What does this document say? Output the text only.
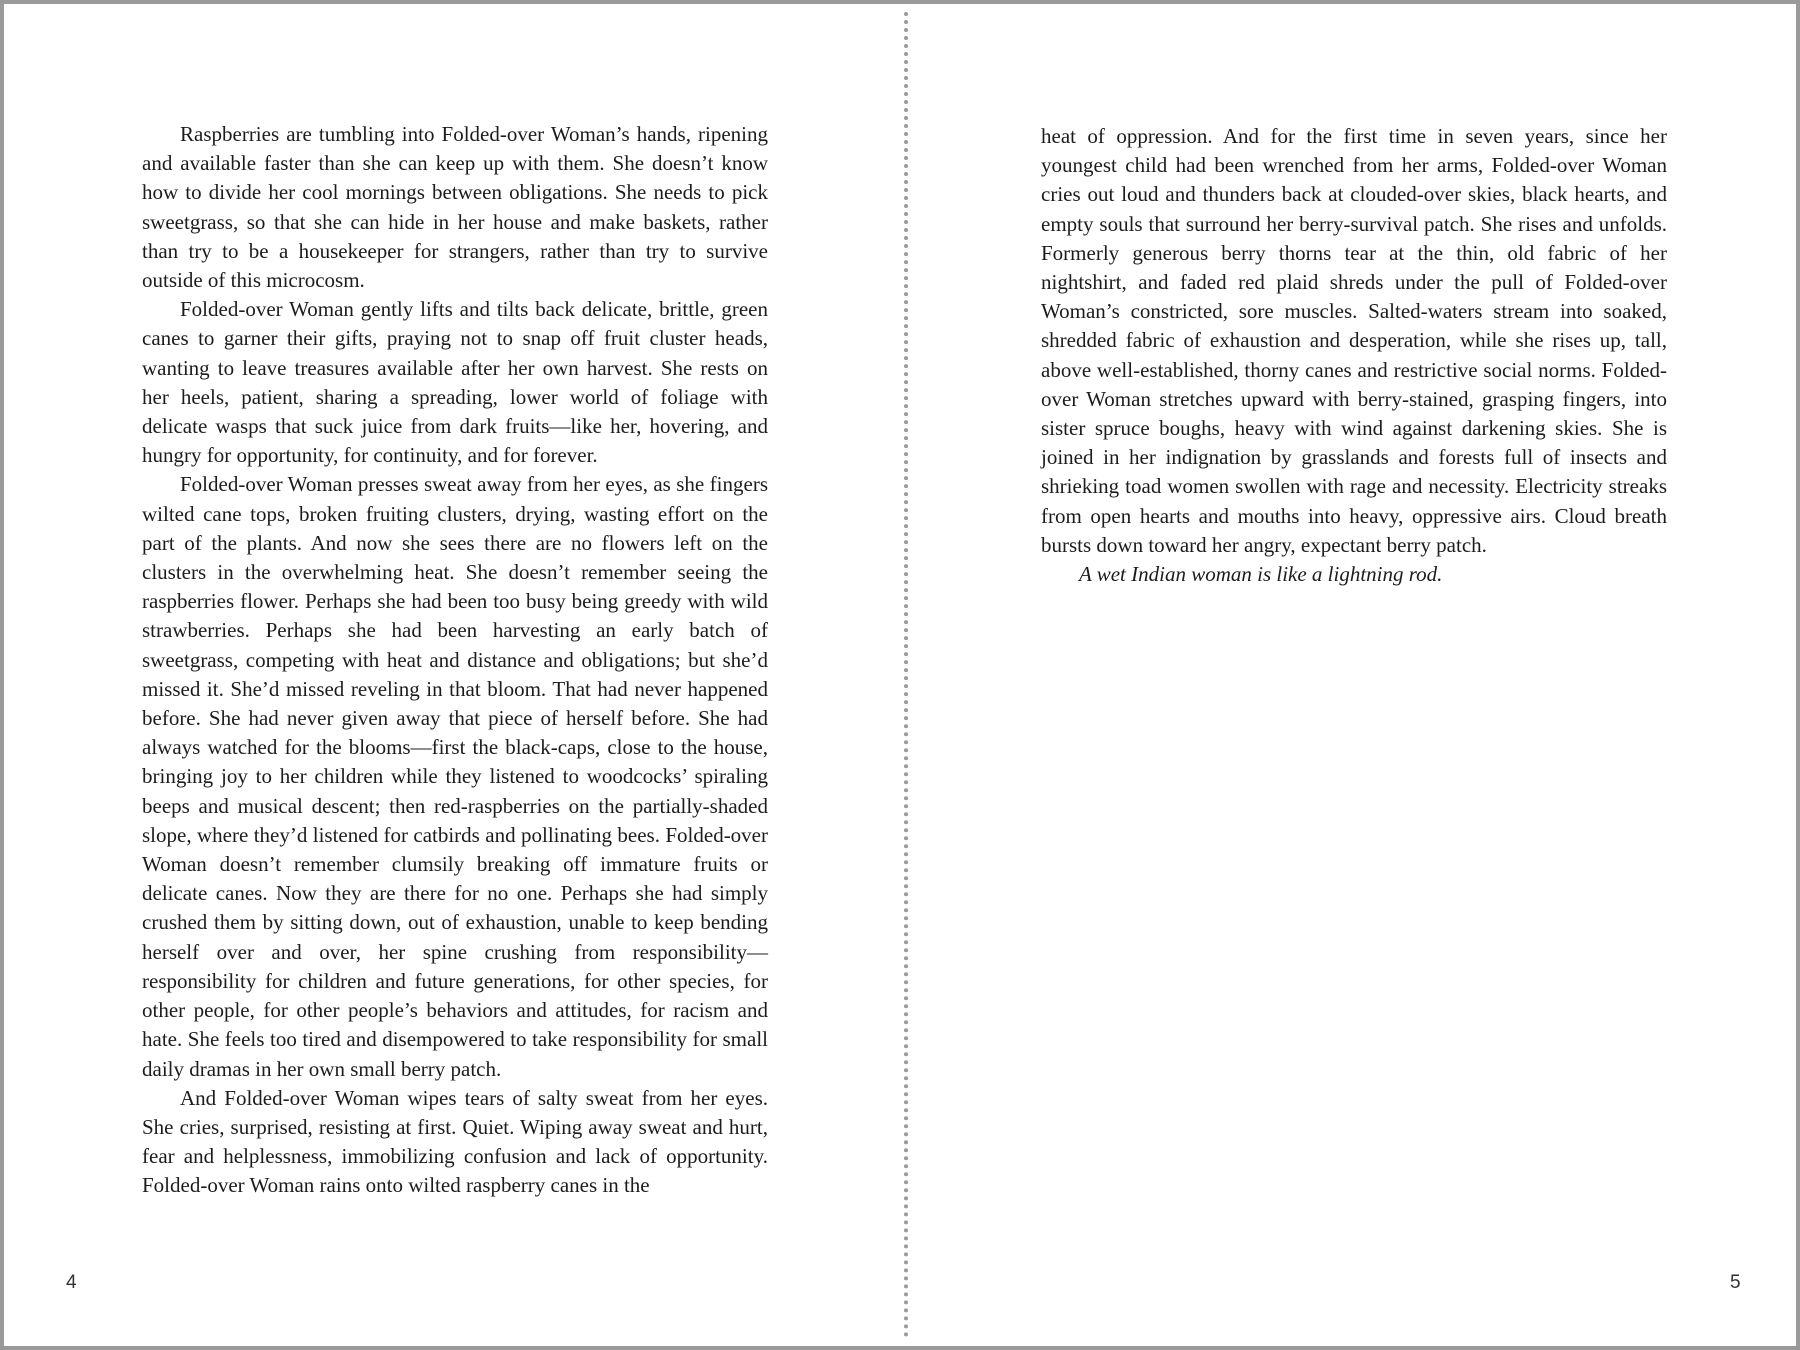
Raspberries are tumbling into Folded-over Woman’s hands, ripening and available faster than she can keep up with them. She doesn’t know how to divide her cool mornings between obligations. She needs to pick sweetgrass, so that she can hide in her house and make baskets, rather than try to be a housekeeper for strangers, rather than try to survive outside of this microcosm.

Folded-over Woman gently lifts and tilts back delicate, brittle, green canes to garner their gifts, praying not to snap off fruit cluster heads, wanting to leave treasures available after her own harvest. She rests on her heels, patient, sharing a spreading, lower world of foliage with delicate wasps that suck juice from dark fruits—like her, hovering, and hungry for opportunity, for continuity, and for forever.

Folded-over Woman presses sweat away from her eyes, as she fingers wilted cane tops, broken fruiting clusters, drying, wasting effort on the part of the plants. And now she sees there are no flowers left on the clusters in the overwhelming heat. She doesn’t remember seeing the raspberries flower. Perhaps she had been too busy being greedy with wild strawberries. Perhaps she had been harvesting an early batch of sweetgrass, competing with heat and distance and obligations; but she’d missed it. She’d missed reveling in that bloom. That had never happened before. She had never given away that piece of herself before. She had always watched for the blooms—first the black-caps, close to the house, bringing joy to her children while they listened to woodcocks’ spiraling beeps and musical descent; then red-raspberries on the partially-shaded slope, where they’d listened for catbirds and pollinating bees. Folded-over Woman doesn’t remember clumsily breaking off immature fruits or delicate canes. Now they are there for no one. Perhaps she had simply crushed them by sitting down, out of exhaustion, unable to keep bending herself over and over, her spine crushing from responsibility—responsibility for children and future generations, for other species, for other people, for other people’s behaviors and attitudes, for racism and hate. She feels too tired and disempowered to take responsibility for small daily dramas in her own small berry patch.

And Folded-over Woman wipes tears of salty sweat from her eyes. She cries, surprised, resisting at first. Quiet. Wiping away sweat and hurt, fear and helplessness, immobilizing confusion and lack of opportunity. Folded-over Woman rains onto wilted raspberry canes in the

heat of oppression. And for the first time in seven years, since her youngest child had been wrenched from her arms, Folded-over Woman cries out loud and thunders back at clouded-over skies, black hearts, and empty souls that surround her berry-survival patch. She rises and unfolds. Formerly generous berry thorns tear at the thin, old fabric of her nightshirt, and faded red plaid shreds under the pull of Folded-over Woman’s constricted, sore muscles. Salted-waters stream into soaked, shredded fabric of exhaustion and desperation, while she rises up, tall, above well-established, thorny canes and restrictive social norms. Folded-over Woman stretches upward with berry-stained, grasping fingers, into sister spruce boughs, heavy with wind against darkening skies. She is joined in her indignation by grasslands and forests full of insects and shrieking toad women swollen with rage and necessity. Electricity streaks from open hearts and mouths into heavy, oppressive airs. Cloud breath bursts down toward her angry, expectant berry patch.

A wet Indian woman is like a lightning rod.

4	5
